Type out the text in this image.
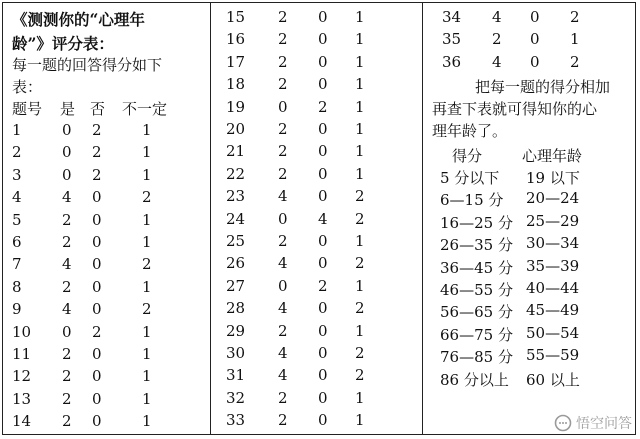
《测测你的“心理年
龄”》评分表：
每一题的回答得分如下
表：
题号 是 否 不一定
1	0 2	1
2	0 2	1
3	0 2	1
4	4 0	2
5	2 0	1
6	2 0	1
7	4 0	2
8	2 0	1
9	4 0	2
10 0 2	1
11 2 0	1
12 2 0	1
13 2 0	1
14 2 0	1
15 2 0 1
16 2 0 1
17 2 0 1
18 2 0 1
19 0 2 1
20 2 0 1
21 2 0 1
22 2 0 1
23 4 0 2
24 0 4 2
25 2 0 1
26 4 0 2
27 0 2 1
28 4 0 2
29 2 0 1
30 4 0 2
31 4 0 2
32 2 0 1
33 2 0 1
34 4 0 2
35 2 0 1
36 4 0 2
把每一题的得分相加
再查下表就可得知你的心
理年龄了。
得分	心理年龄
5 分以下 19 以下
6—15 分 20—24
16—25 分 25—29
26—35 分 30—34
36—45 分 35—39
46—55 分 40—44
56—65 分 45—49
66—75 分 50—54
76—85 分 55—59
86 分以上 60 以上
悟空问答
